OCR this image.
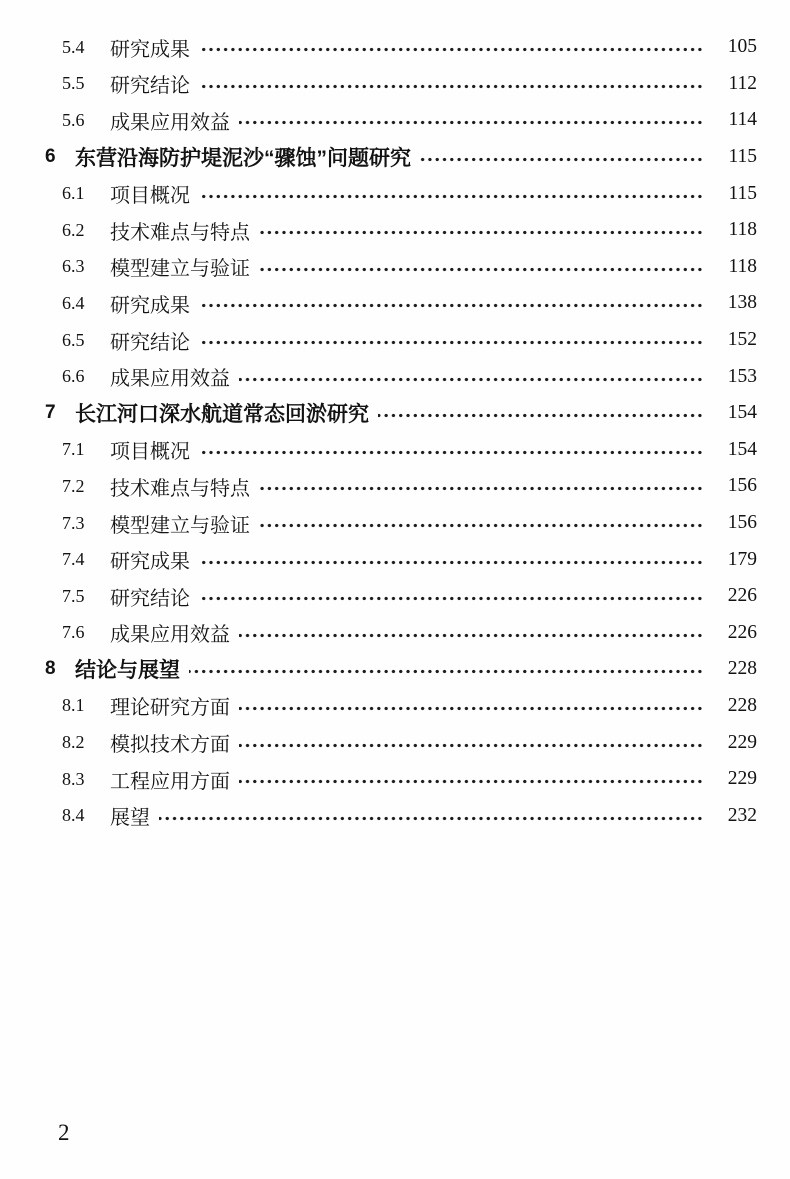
5.4	研究成果	105
5.5	研究结论	112
5.6	成果应用效益	114
6 东营沿海防护堤泥沙“骤蚀”问题研究	115
6.1	项目概况	115
6.2	技术难点与特点	118
6.3	模型建立与验证	118
6.4	研究成果	138
6.5	研究结论	152
6.6	成果应用效益	153
7 长江河口深水航道常态回淤研究	154
7.1	项目概况	154
7.2	技术难点与特点	156
7.3	模型建立与验证	156
7.4	研究成果	179
7.5	研究结论	226
7.6	成果应用效益	226
8 结论与展望	228
8.1	理论研究方面	228
8.2	模拟技术方面	229
8.3	工程应用方面	229
8.4	展望	232
2
